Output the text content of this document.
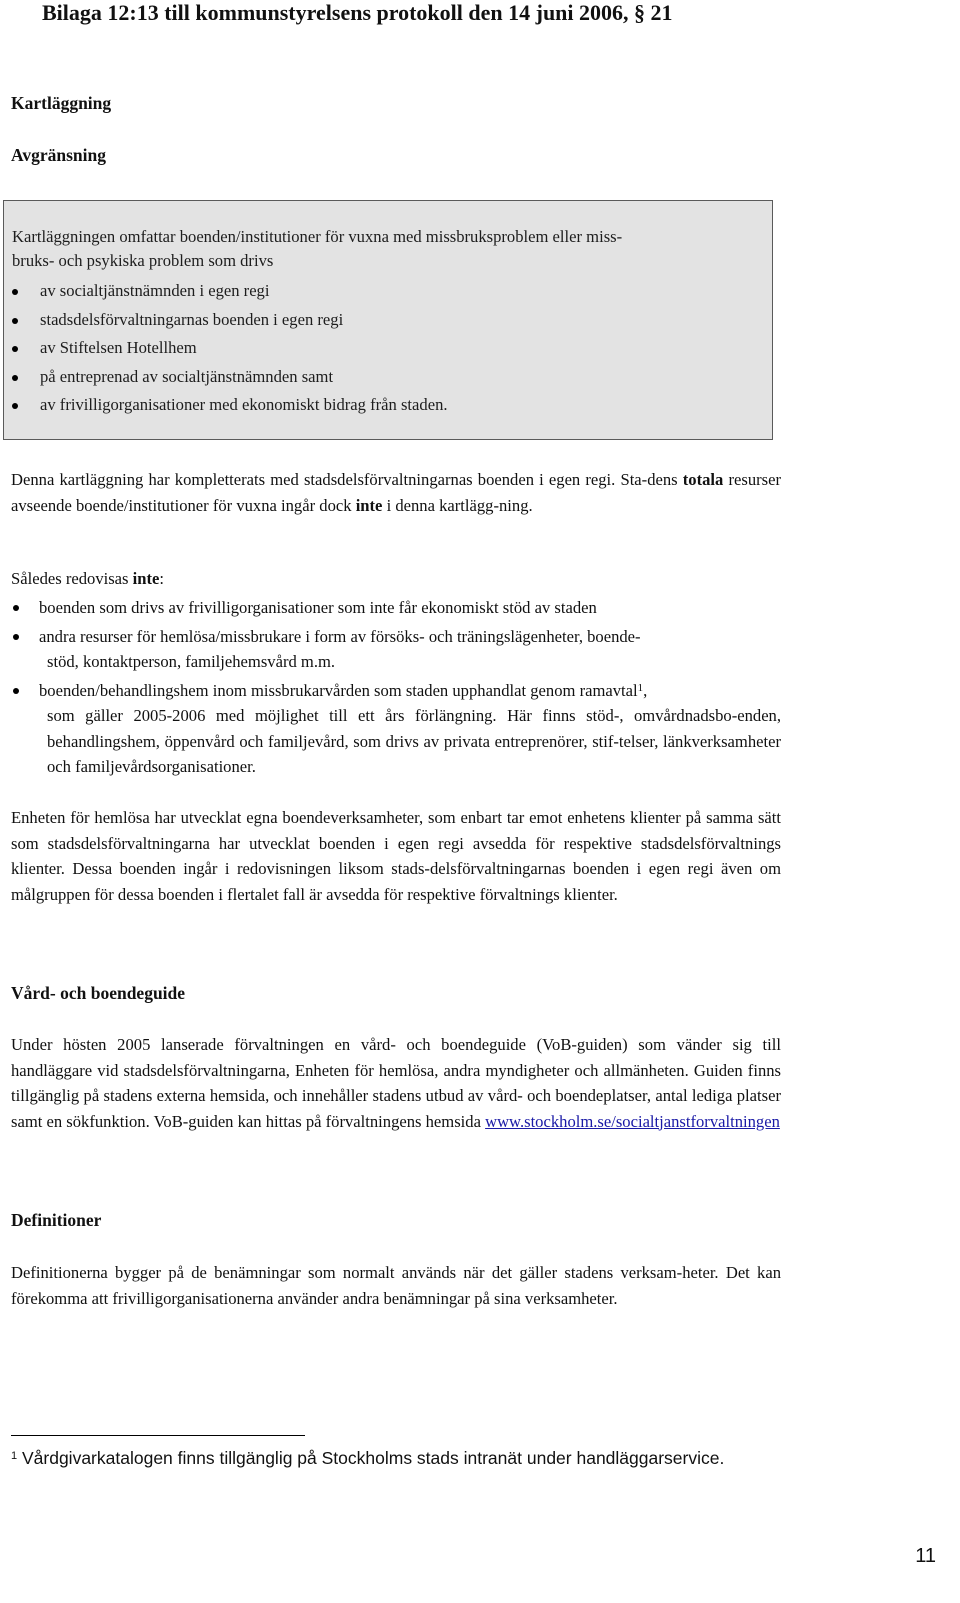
Bilaga 12:13 till kommunstyrelsens protokoll den 14 juni 2006, § 21
Kartläggning
Avgränsning
Kartläggningen omfattar boenden/institutioner för vuxna med missbruksproblem eller miss-
bruks- och psykiska problem som drivs
av socialtjänstnämnden i egen regi
stadsdelsförvaltningarnas boenden i egen regi
av Stiftelsen Hotellhem
på entreprenad av socialtjänstnämnden samt
av frivilligorganisationer med ekonomiskt bidrag från staden.
Denna kartläggning har kompletterats med stadsdelsförvaltningarnas boenden i egen regi. Sta-dens totala resurser avseende boende/institutioner för vuxna ingår dock inte i denna kartlägg-ning.
Således redovisas inte:
boenden som drivs av frivilligorganisationer som inte får ekonomiskt stöd av staden
andra resurser för hemlösa/missbrukare i form av försöks- och träningslägenheter, boende-
stöd, kontaktperson, familjehemsvård m.m.
boenden/behandlingshem inom missbrukarvården som staden upphandlat genom ramavtal$^1$,
som gäller 2005-2006 med möjlighet till ett års förlängning. Här finns stöd-, omvårdnadsbo-enden, behandlingshem, öppenvård och familjevård, som drivs av privata entreprenörer, stif-telser, länkverksamheter och familjevårdsorganisationer.
Enheten för hemlösa har utvecklat egna boendeverksamheter, som enbart tar emot enhetens klienter på samma sätt som stadsdelsförvaltningarna har utvecklat boenden i egen regi avsedda för respektive stadsdelsförvaltnings klienter. Dessa boenden ingår i redovisningen liksom stads-delsförvaltningarnas boenden i egen regi även om målgruppen för dessa boenden i flertalet fall är avsedda för respektive förvaltnings klienter.
Vård- och boendeguide
Under hösten 2005 lanserade förvaltningen en vård- och boendeguide (VoB-guiden) som vänder sig till handläggare vid stadsdelsförvaltningarna, Enheten för hemlösa, andra myndigheter och allmänheten. Guiden finns tillgänglig på stadens externa hemsida, och innehåller stadens utbud av vård- och boendeplatser, antal lediga platser samt en sökfunktion. VoB-guiden kan hittas på förvaltningens hemsida www.stockholm.se/socialtjanstforvaltningen
Definitioner
Definitionerna bygger på de benämningar som normalt används när det gäller stadens verksam-heter. Det kan förekomma att frivilligorganisationerna använder andra benämningar på sina verksamheter.
$^1$ Vårdgivarkatalogen finns tillgänglig på Stockholms stads intranät under handläggarservice.
11
